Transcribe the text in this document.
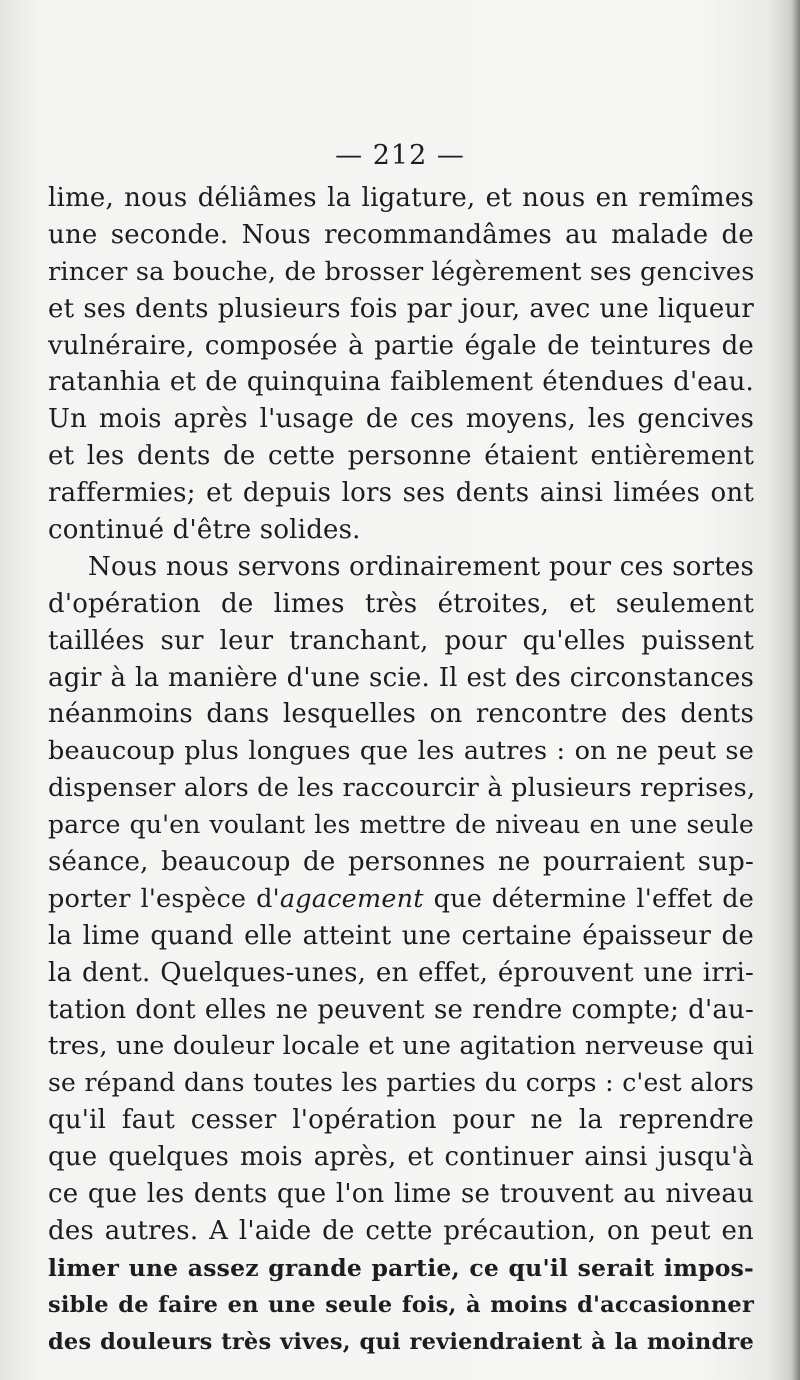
— 212 —
lime, nous déliâmes la ligature, et nous en remîmes
une seconde. Nous recommandâmes au malade de
rincer sa bouche, de brosser légèrement ses gencives
et ses dents plusieurs fois par jour, avec une liqueur
vulnéraire, composée à partie égale de teintures de
ratanhia et de quinquina faiblement étendues d'eau.
Un mois après l'usage de ces moyens, les gencives
et les dents de cette personne étaient entièrement
raffermies; et depuis lors ses dents ainsi limées ont
continué d'être solides.
Nous nous servons ordinairement pour ces sortes
d'opération de limes très étroites, et seulement
taillées sur leur tranchant, pour qu'elles puissent
agir à la manière d'une scie. Il est des circonstances
néanmoins dans lesquelles on rencontre des dents
beaucoup plus longues que les autres : on ne peut se
dispenser alors de les raccourcir à plusieurs reprises,
parce qu'en voulant les mettre de niveau en une seule
séance, beaucoup de personnes ne pourraient sup-
porter l'espèce d'agacement que détermine l'effet de
la lime quand elle atteint une certaine épaisseur de
la dent. Quelques-unes, en effet, éprouvent une irri-
tation dont elles ne peuvent se rendre compte; d'au-
tres, une douleur locale et une agitation nerveuse qui
se répand dans toutes les parties du corps : c'est alors
qu'il faut cesser l'opération pour ne la reprendre
que quelques mois après, et continuer ainsi jusqu'à
ce que les dents que l'on lime se trouvent au niveau
des autres. A l'aide de cette précaution, on peut en
limer une assez grande partie, ce qu'il serait impos-
sible de faire en une seule fois, à moins d'accasionner
des douleurs très vives, qui reviendraient à la moindre
